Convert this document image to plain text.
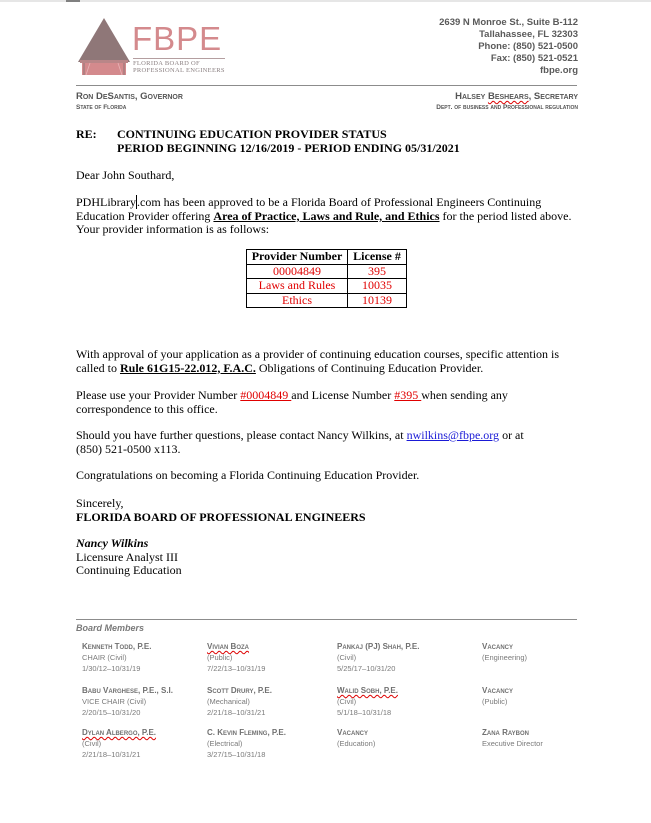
FBPE
FLORIDA BOARD OF
PROFESSIONAL ENGINEERS
2639 N Monroe St., Suite B-112
Tallahassee, FL 32303
Phone: (850) 521-0500
Fax: (850) 521-0521
fbpe.org
Ron DeSantis, Governor
State of Florida
Halsey Beshears, Secretary
Dept. of business and Professional regulation
RE: CONTINUING EDUCATION PROVIDER STATUS
PERIOD BEGINNING 12/16/2019 - PERIOD ENDING 05/31/2021
Dear John Southard,
PDHLibrary.com has been approved to be a Florida Board of Professional Engineers Continuing Education Provider offering Area of Practice, Laws and Rule, and Ethics for the period listed above. Your provider information is as follows:
Provider Number	License #
00004849	395
Laws and Rules	10035
Ethics	10139
With approval of your application as a provider of continuing education courses, specific attention is called to Rule 61G15-22.012, F.A.C. Obligations of Continuing Education Provider.
Please use your Provider Number #0004849 and License Number #395 when sending any correspondence to this office.
Should you have further questions, please contact Nancy Wilkins, at nwilkins@fbpe.org or at
(850) 521-0500 x113.
Congratulations on becoming a Florida Continuing Education Provider.
Sincerely,
FLORIDA BOARD OF PROFESSIONAL ENGINEERS
Nancy Wilkins
Licensure Analyst III
Continuing Education
Board Members
Kenneth Todd, P.E.
CHAIR (Civil)
1/30/12–10/31/19
Vivian Boza
(Public)
7/22/13–10/31/19
Pankaj (PJ) Shah, P.E.
(Civil)
5/25/17–10/31/20
Vacancy
(Engineering)
Babu Varghese, P.E., S.I.
VICE CHAIR (Civil)
2/20/15–10/31/20
Scott Drury, P.E.
(Mechanical)
2/21/18–10/31/21
Walid Sobh, P.E.
(Civil)
5/1/18–10/31/18
Vacancy
(Public)
Dylan Albergo, P.E.
(Civil)
2/21/18–10/31/21
C. Kevin Fleming, P.E.
(Electrical)
3/27/15–10/31/18
Vacancy
(Education)
Zana Raybon
Executive Director
